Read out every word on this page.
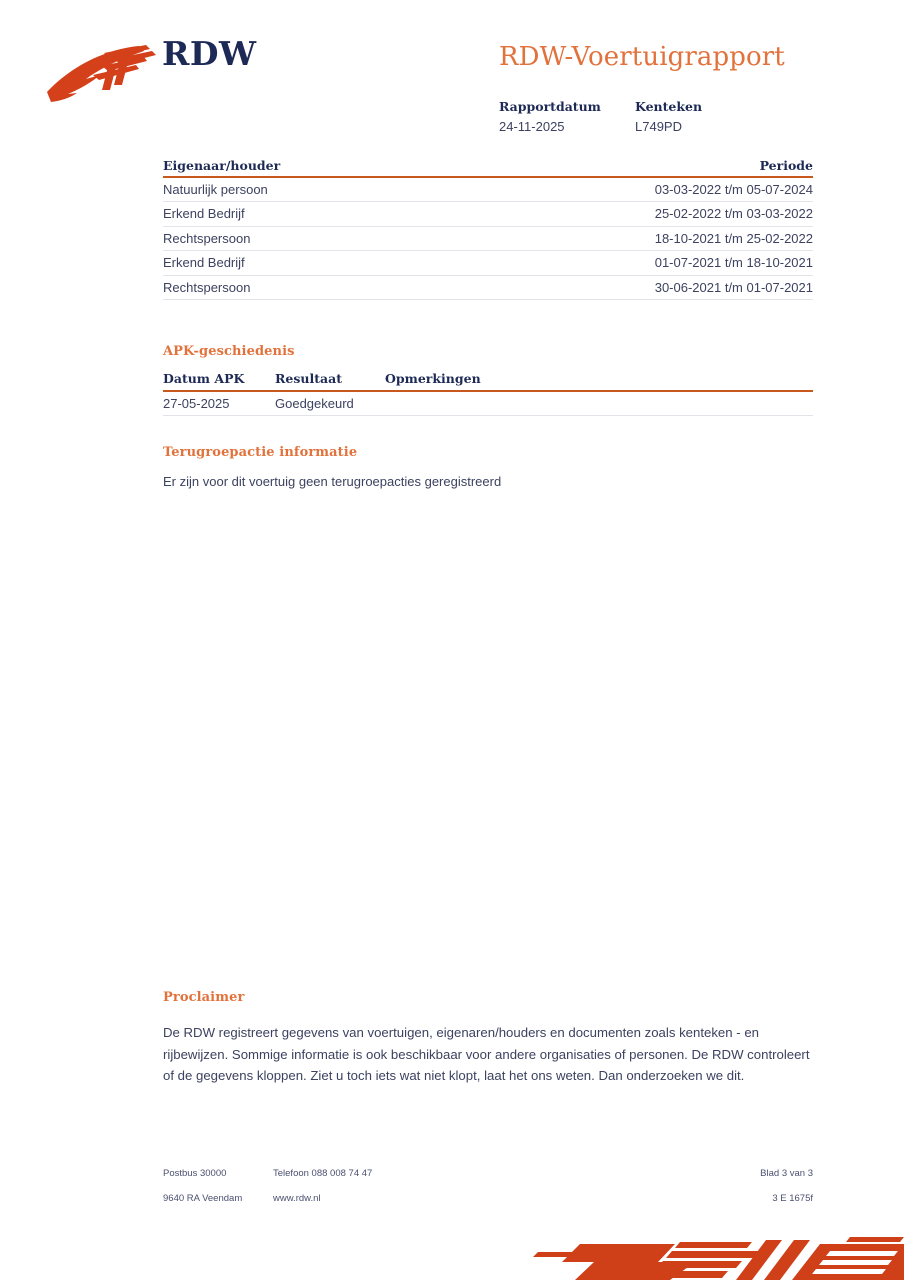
RDW	RDW-Voertuigrapport
Rapportdatum	Kenteken
24-11-2025	L749PD
Eigenaar/houder	Periode
Natuurlijk persoon	03-03-2022 t/m 05-07-2024
Erkend Bedrijf	25-02-2022 t/m 03-03-2022
Rechtspersoon	18-10-2021 t/m 25-02-2022
Erkend Bedrijf	01-07-2021 t/m 18-10-2021
Rechtspersoon	30-06-2021 t/m 01-07-2021
APK-geschiedenis
Datum APK	Resultaat	Opmerkingen
27-05-2025	Goedgekeurd
Terugroepactie informatie
Er zijn voor dit voertuig geen terugroepacties geregistreerd
Proclaimer
De RDW registreert gegevens van voertuigen, eigenaren/houders en documenten zoals kenteken - en rijbewijzen. Sommige informatie is ook beschikbaar voor andere organisaties of personen. De RDW controleert of de gegevens kloppen. Ziet u toch iets wat niet klopt, laat het ons weten. Dan onderzoeken we dit.
Postbus 30000	Telefoon 088 008 74 47	Blad 3 van 3
9640 RA Veendam	www.rdw.nl	3 E 1675f
